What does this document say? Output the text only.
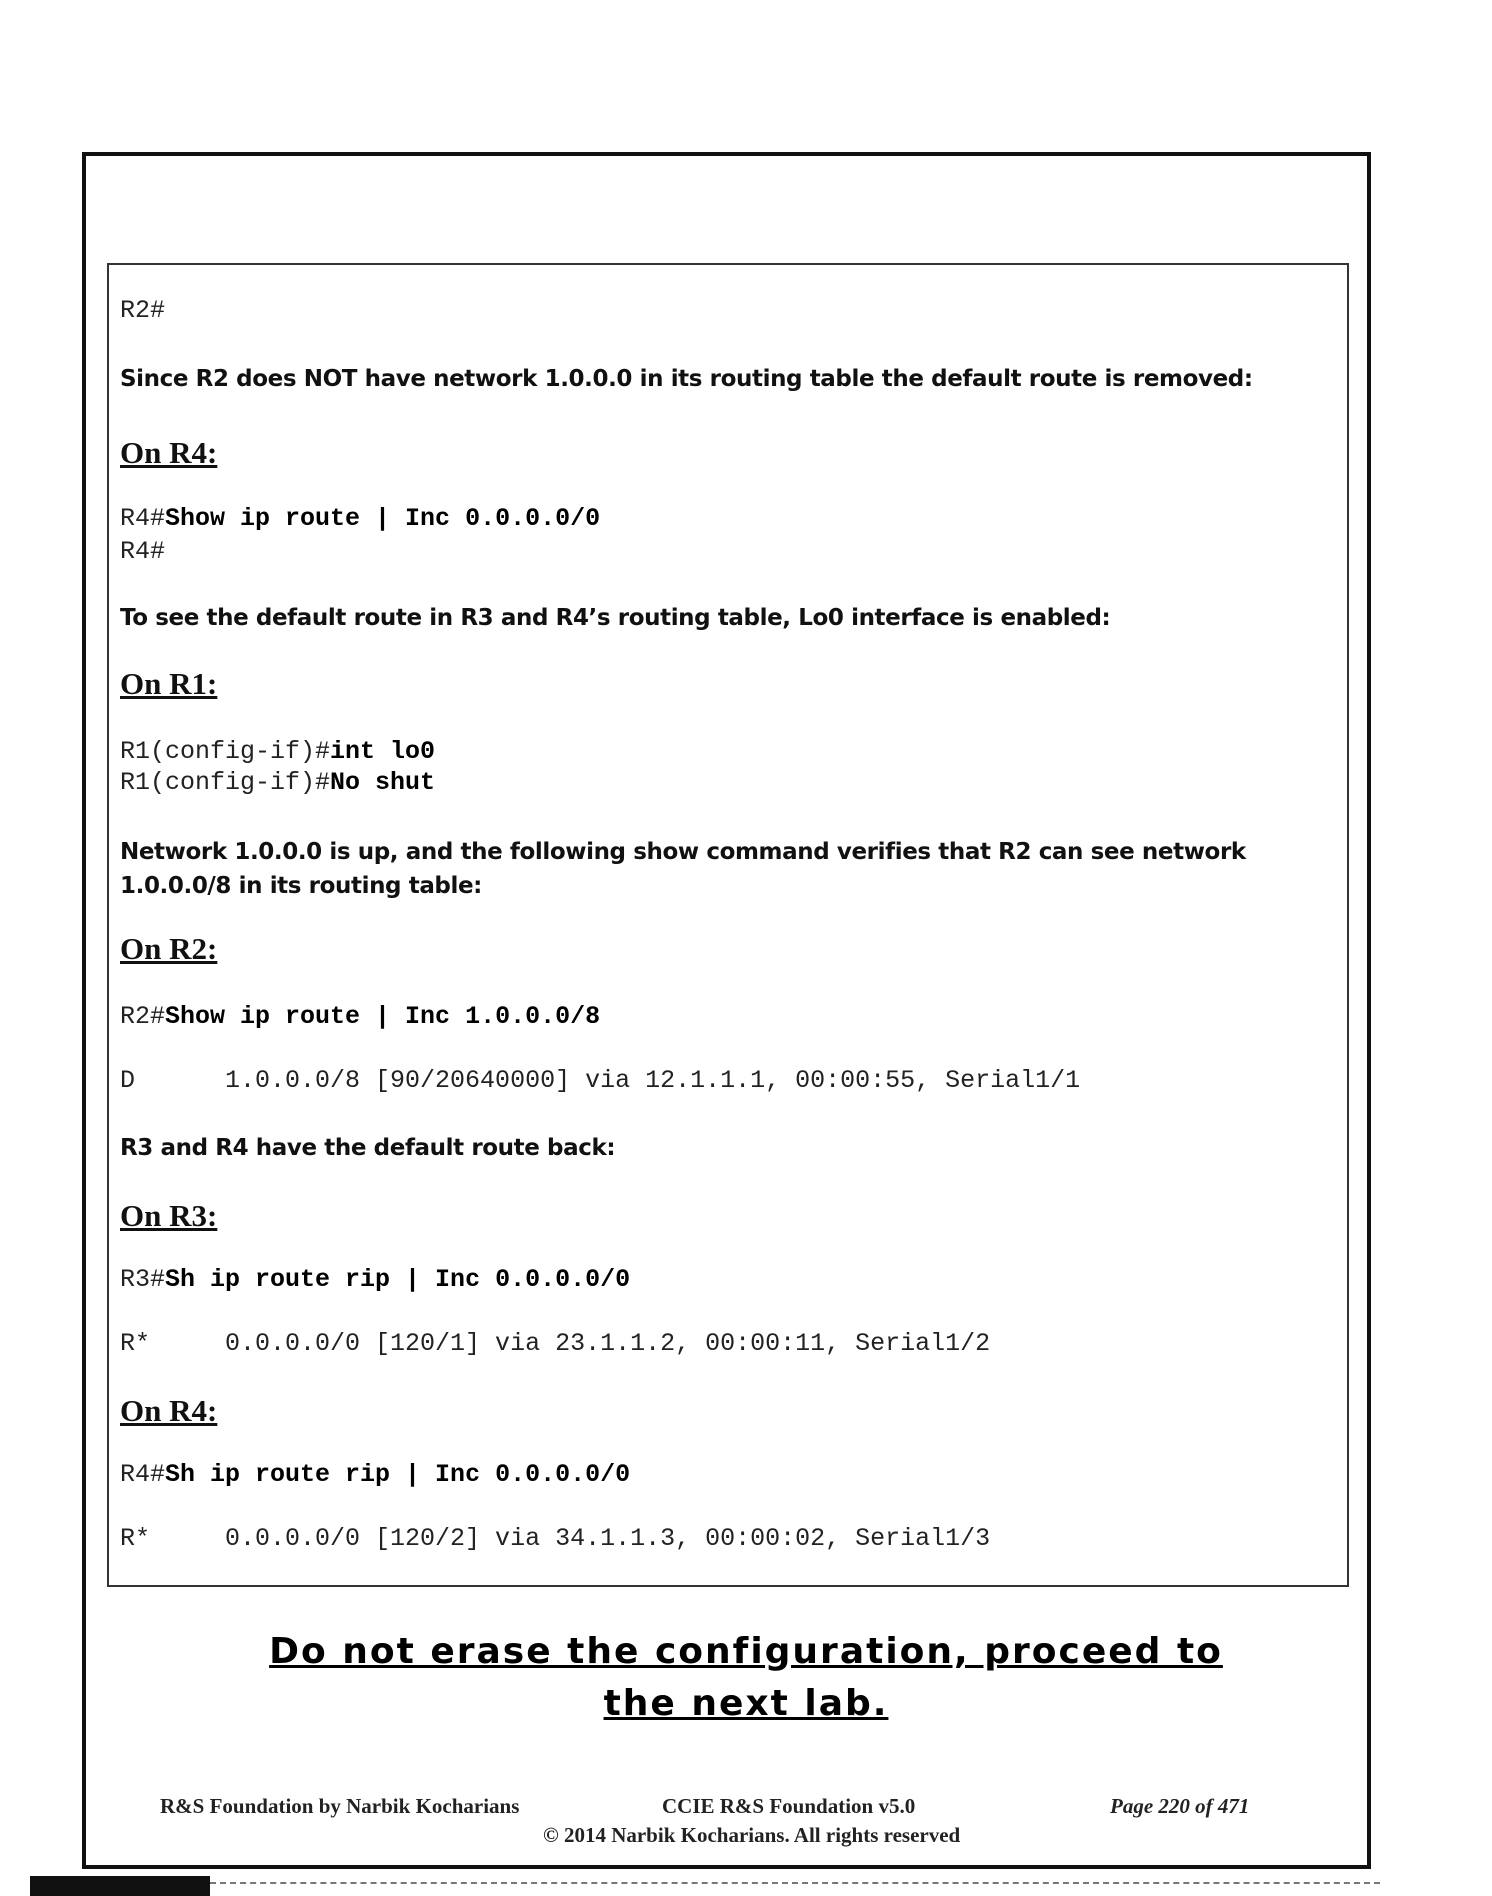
R2#
Since R2 does NOT have network 1.0.0.0 in its routing table the default route is removed:
On R4:
R4#Show ip route | Inc 0.0.0.0/0
R4#
To see the default route in R3 and R4’s routing table, Lo0 interface is enabled:
On R1:
R1(config-if)#int lo0
R1(config-if)#No shut
Network 1.0.0.0 is up, and the following show command verifies that R2 can see network 1.0.0.0/8 in its routing table:
On R2:
R2#Show ip route | Inc 1.0.0.0/8
D      1.0.0.0/8 [90/20640000] via 12.1.1.1, 00:00:55, Serial1/1
R3 and R4 have the default route back:
On R3:
R3#Sh ip route rip | Inc 0.0.0.0/0
R*     0.0.0.0/0 [120/1] via 23.1.1.2, 00:00:11, Serial1/2
On R4:
R4#Sh ip route rip | Inc 0.0.0.0/0
R*     0.0.0.0/0 [120/2] via 34.1.1.3, 00:00:02, Serial1/3
Do not erase the configuration, proceed to
the next lab.
R&S Foundation by Narbik Kocharians	CCIE R&S Foundation v5.0	Page 220 of 471
© 2014 Narbik Kocharians. All rights reserved
